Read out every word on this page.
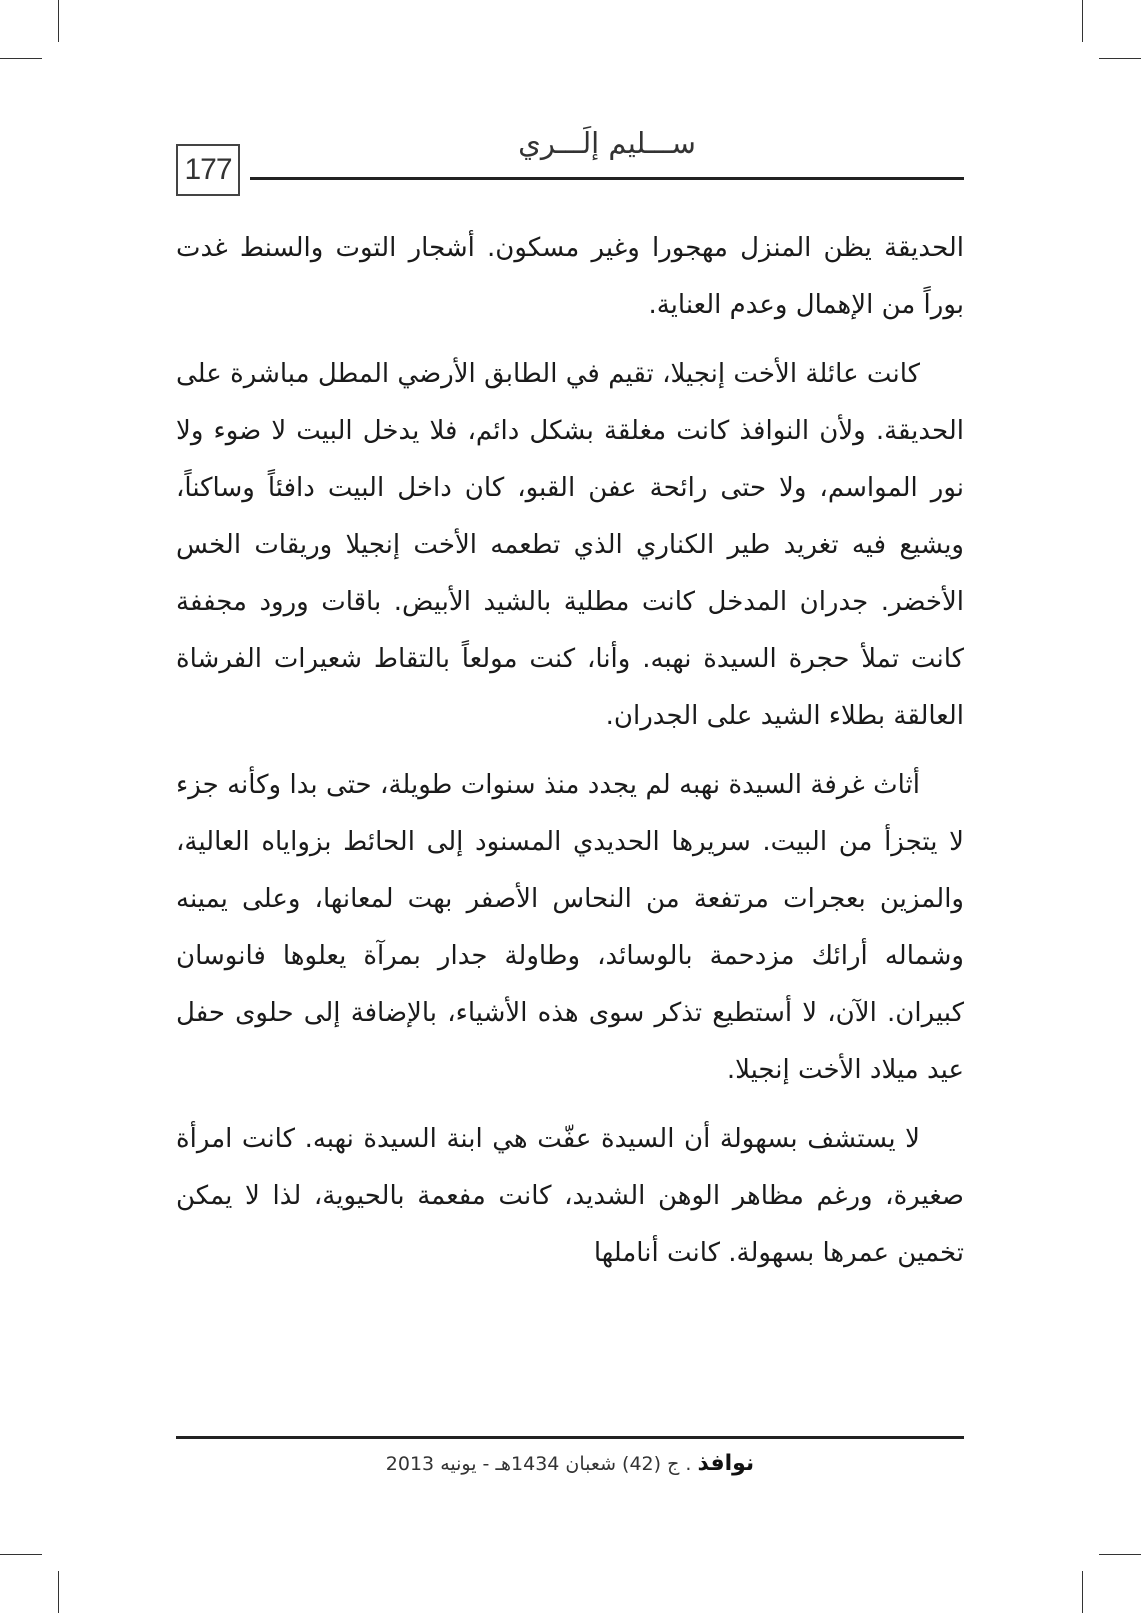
177
ســـليم إلَـــري

الحديقة يظن المنزل مهجورا وغير مسكون. أشجار التوت والسنط غدت بوراً من الإهمال وعدم العناية.

كانت عائلة الأخت إنجيلا، تقيم في الطابق الأرضي المطل مباشرة على الحديقة. ولأن النوافذ كانت مغلقة بشكل دائم، فلا يدخل البيت لا ضوء ولا نور المواسم، ولا حتى رائحة عفن القبو، كان داخل البيت دافئاً وساكناً، ويشيع فيه تغريد طير الكناري الذي تطعمه الأخت إنجيلا وريقات الخس الأخضر. جدران المدخل كانت مطلية بالشيد الأبيض. باقات ورود مجففة كانت تملأ حجرة السيدة نهبه. وأنا، كنت مولعاً بالتقاط شعيرات الفرشاة العالقة بطلاء الشيد على الجدران.

أثاث غرفة السيدة نهبه لم يجدد منذ سنوات طويلة، حتى بدا وكأنه جزء لا يتجزأ من البيت. سريرها الحديدي المسنود إلى الحائط بزواياه العالية، والمزين بعجرات مرتفعة من النحاس الأصفر بهت لمعانها، وعلى يمينه وشماله أرائك مزدحمة بالوسائد، وطاولة جدار بمرآة يعلوها فانوسان كبيران. الآن، لا أستطيع تذكر سوى هذه الأشياء، بالإضافة إلى حلوى حفل عيد ميلاد الأخت إنجيلا.

لا يستشف بسهولة أن السيدة عفّت هي ابنة السيدة نهبه. كانت امرأة صغيرة، ورغم مظاهر الوهن الشديد، كانت مفعمة بالحيوية، لذا لا يمكن تخمين عمرها بسهولة. كانت أناملها

نوافذ . ج (42) شعبان 1434هـ - يونيه 2013
